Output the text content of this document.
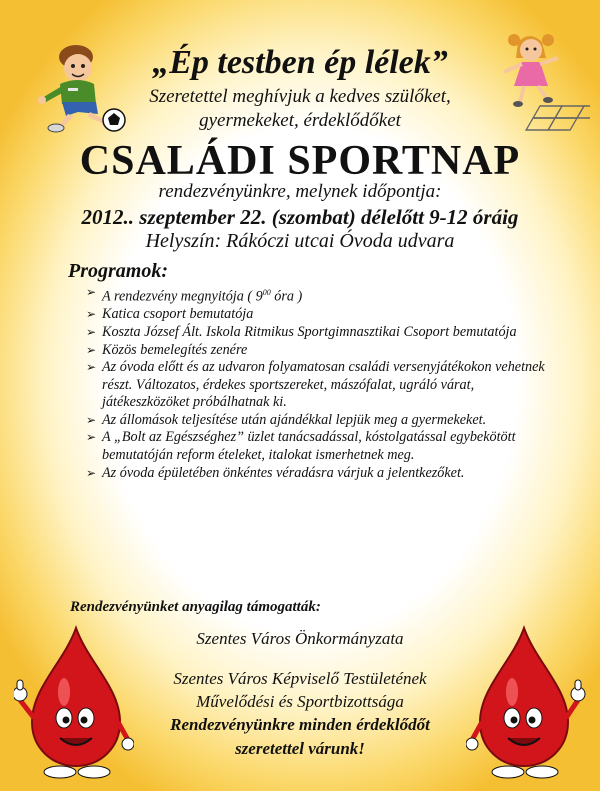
„Ép testben ép lélek”
Szeretettel meghívjuk a kedves szülőket,
gyermekeket, érdeklődőket
CSALÁDI SPORTNAP
rendezvényünkre, melynek időpontja:
2012.. szeptember 22. (szombat) délelőtt 9-12 óráig
Helyszín: Rákóczi utcai Óvoda udvara
Programok:
➢ A rendezvény megnyitója ( $9^{00}$ óra )
➢ Katica csoport bemutatója
➢ Koszta József Ált. Iskola Ritmikus Sportgimnasztikai Csoport bemutatója
➢ Közös bemelegítés zenére
➢ Az óvoda előtt és az udvaron folyamatosan családi versenyjátékokon vehetnek részt. Változatos, érdekes sportszereket, mászófalat, ugráló várat, játékeszközöket próbálhatnak ki.
➢ Az állomások teljesítése után ajándékkal lepjük meg a gyermekeket.
➢ A „Bolt az Egészséghez” üzlet tanácsadással, kóstolgatással egybekötött bemutatóján reform ételeket, italokat ismerhetnek meg.
➢ Az óvoda épületében önkéntes véradásra várjuk a jelentkezőket.
Rendezvényünket anyagilag támogatták:
Szentes Város Önkormányzata
Szentes Város Képviselő Testületének
Művelődési és Sportbizottsága
Rendezvényünkre minden érdeklődőt
szeretettel várunk!
